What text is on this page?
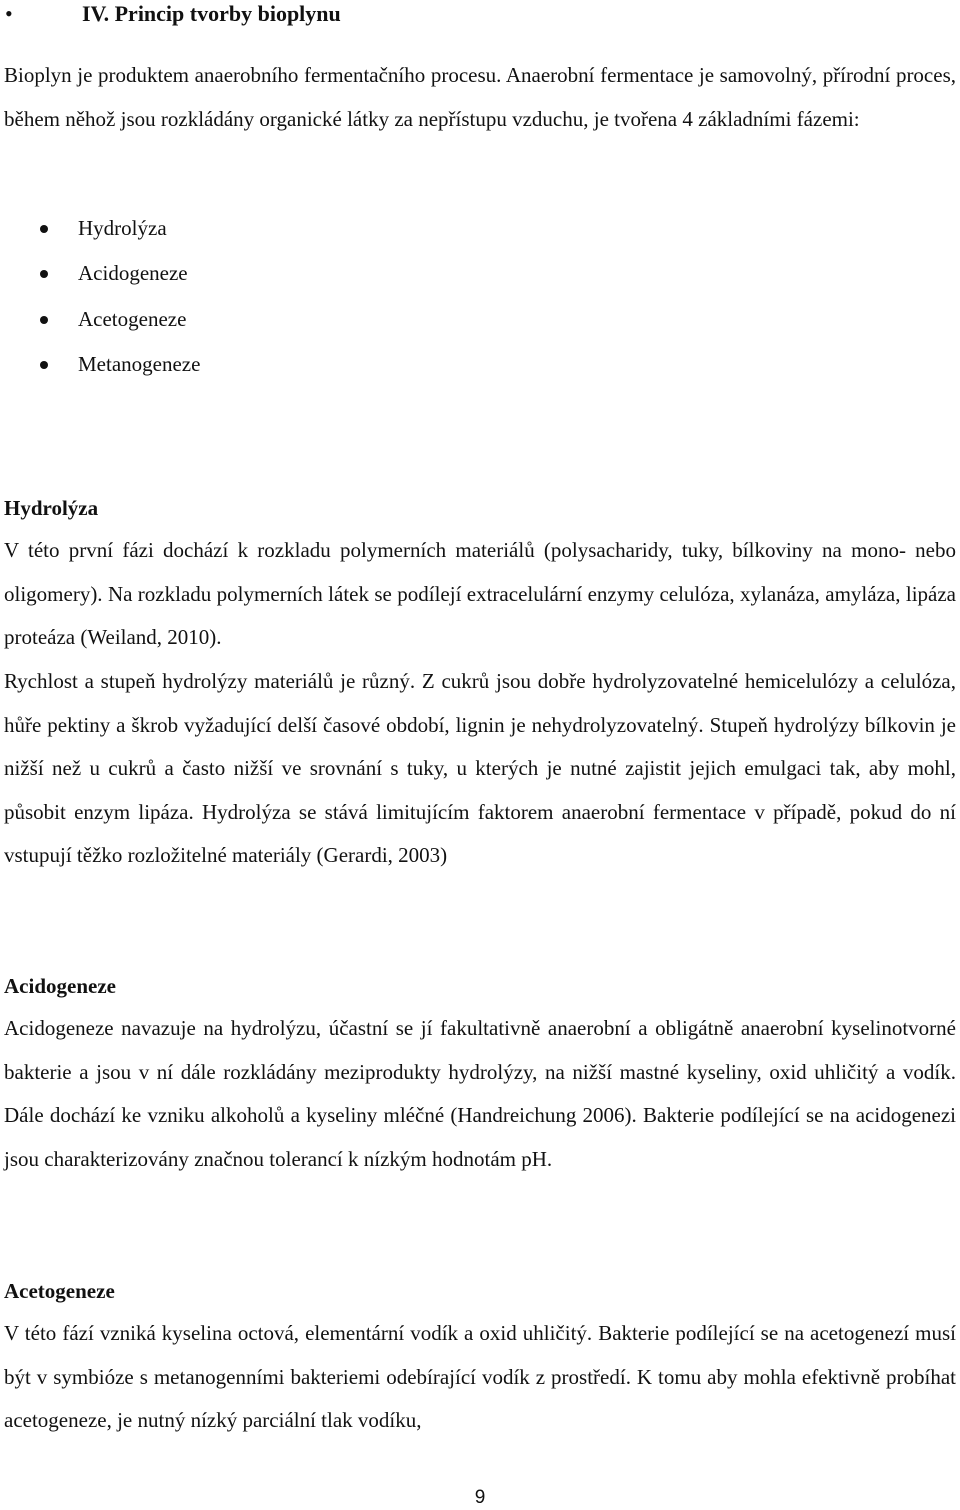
•	IV. Princip tvorby bioplynu

Bioplyn je produktem anaerobního fermentačního procesu. Anaerobní fermentace je samovolný, přírodní proces, během něhož jsou rozkládány organické látky za nepřístupu vzduchu, je tvořena 4 základními fázemi:

Hydrolýza
Acidogeneze
Acetogeneze
Metanogeneze
Hydrolýza

V této první fázi dochází k rozkladu polymerních materiálů (polysacharidy, tuky, bílkoviny na mono- nebo oligomery). Na rozkladu polymerních látek se podílejí extracelulární enzymy celulóza, xylanáza, amyláza, lipáza proteáza (Weiland, 2010).

Rychlost a stupeň hydrolýzy materiálů je různý. Z cukrů jsou dobře hydrolyzovatelné hemicelulózy a celulóza, hůře pektiny a škrob vyžadující delší časové období, lignin je nehydrolyzovatelný. Stupeň hydrolýzy bílkovin je nižší než u cukrů a často nižší ve srovnání s tuky, u kterých je nutné zajistit jejich emulgaci tak, aby mohl, působit enzym lipáza. Hydrolýza se stává limitujícím faktorem anaerobní fermentace v případě, pokud do ní vstupují těžko rozložitelné materiály (Gerardi, 2003)

Acidogeneze

Acidogeneze navazuje na hydrolýzu, účastní se jí fakultativně anaerobní a obligátně anaerobní kyselinotvorné bakterie a jsou v ní dále rozkládány meziprodukty hydrolýzy, na nižší mastné kyseliny, oxid uhličitý a vodík. Dále dochází ke vzniku alkoholů a kyseliny mléčné (Handreichung 2006). Bakterie podílející se na acidogenezi jsou charakterizovány značnou tolerancí k nízkým hodnotám pH.

Acetogeneze

V této fází vzniká kyselina octová, elementární vodík a oxid uhličitý. Bakterie podílející se na acetogenezí musí být v symbióze s metanogenními bakteriemi odebírající vodík z prostředí. K tomu aby mohla efektivně probíhat acetogeneze, je nutný nízký parciální tlak vodíku,

9
